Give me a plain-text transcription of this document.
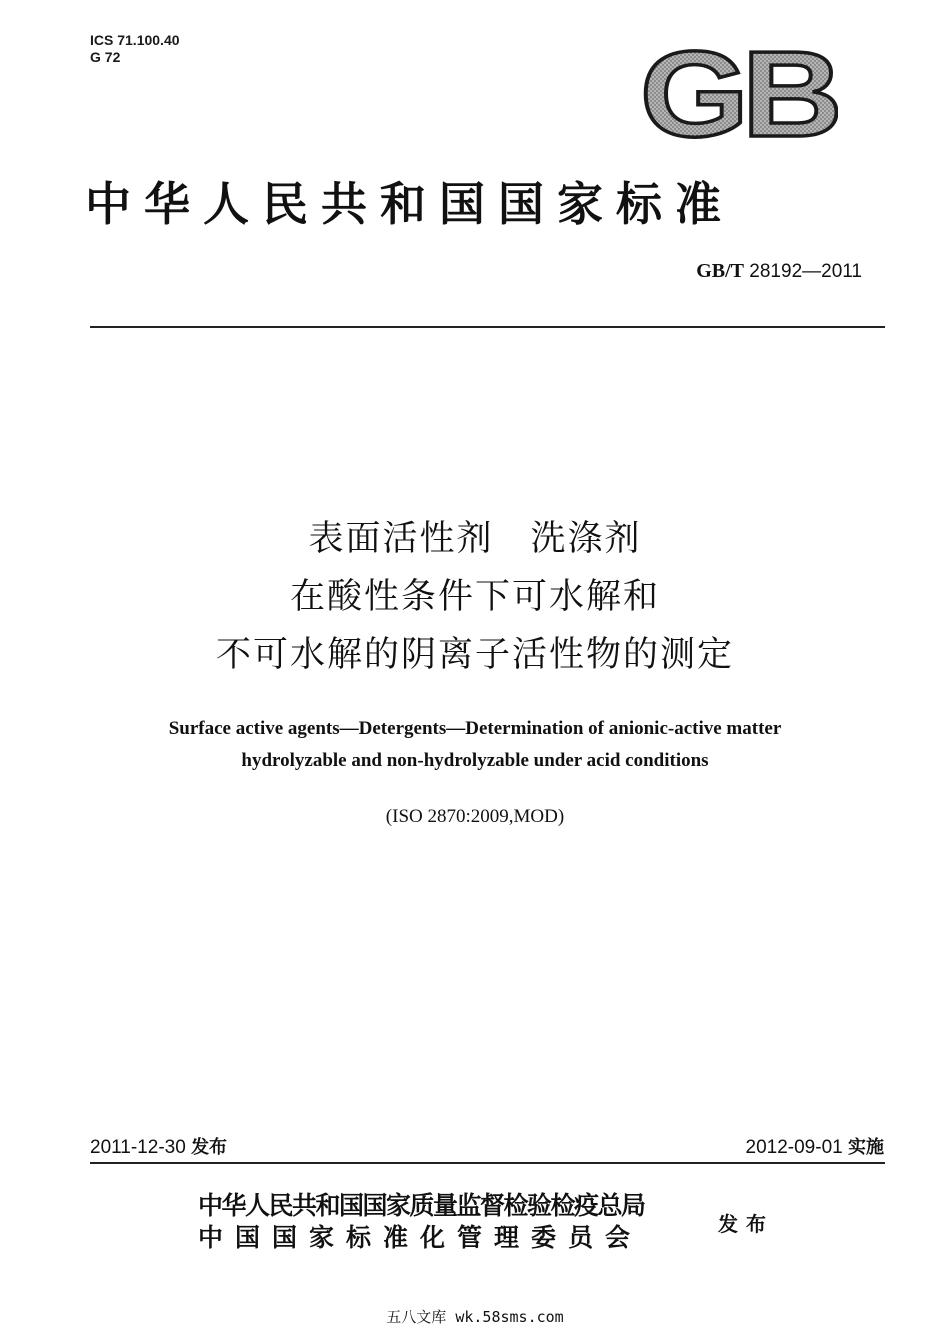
ICS 71.100.40
G 72	GB
中华人民共和国国家标准
GB/T 28192—2011
表面活性剂　洗涤剂
在酸性条件下可水解和
不可水解的阴离子活性物的测定
Surface active agents—Detergents—Determination of anionic-active matter
hydrolyzable and non-hydrolyzable under acid conditions
(ISO 2870:2009,MOD)
2011-12-30 发布	2012-09-01 实施
中华人民共和国国家质量监督检验检疫总局
中国国家标准化管理委员会	发布
五八文库 wk.58sms.com
